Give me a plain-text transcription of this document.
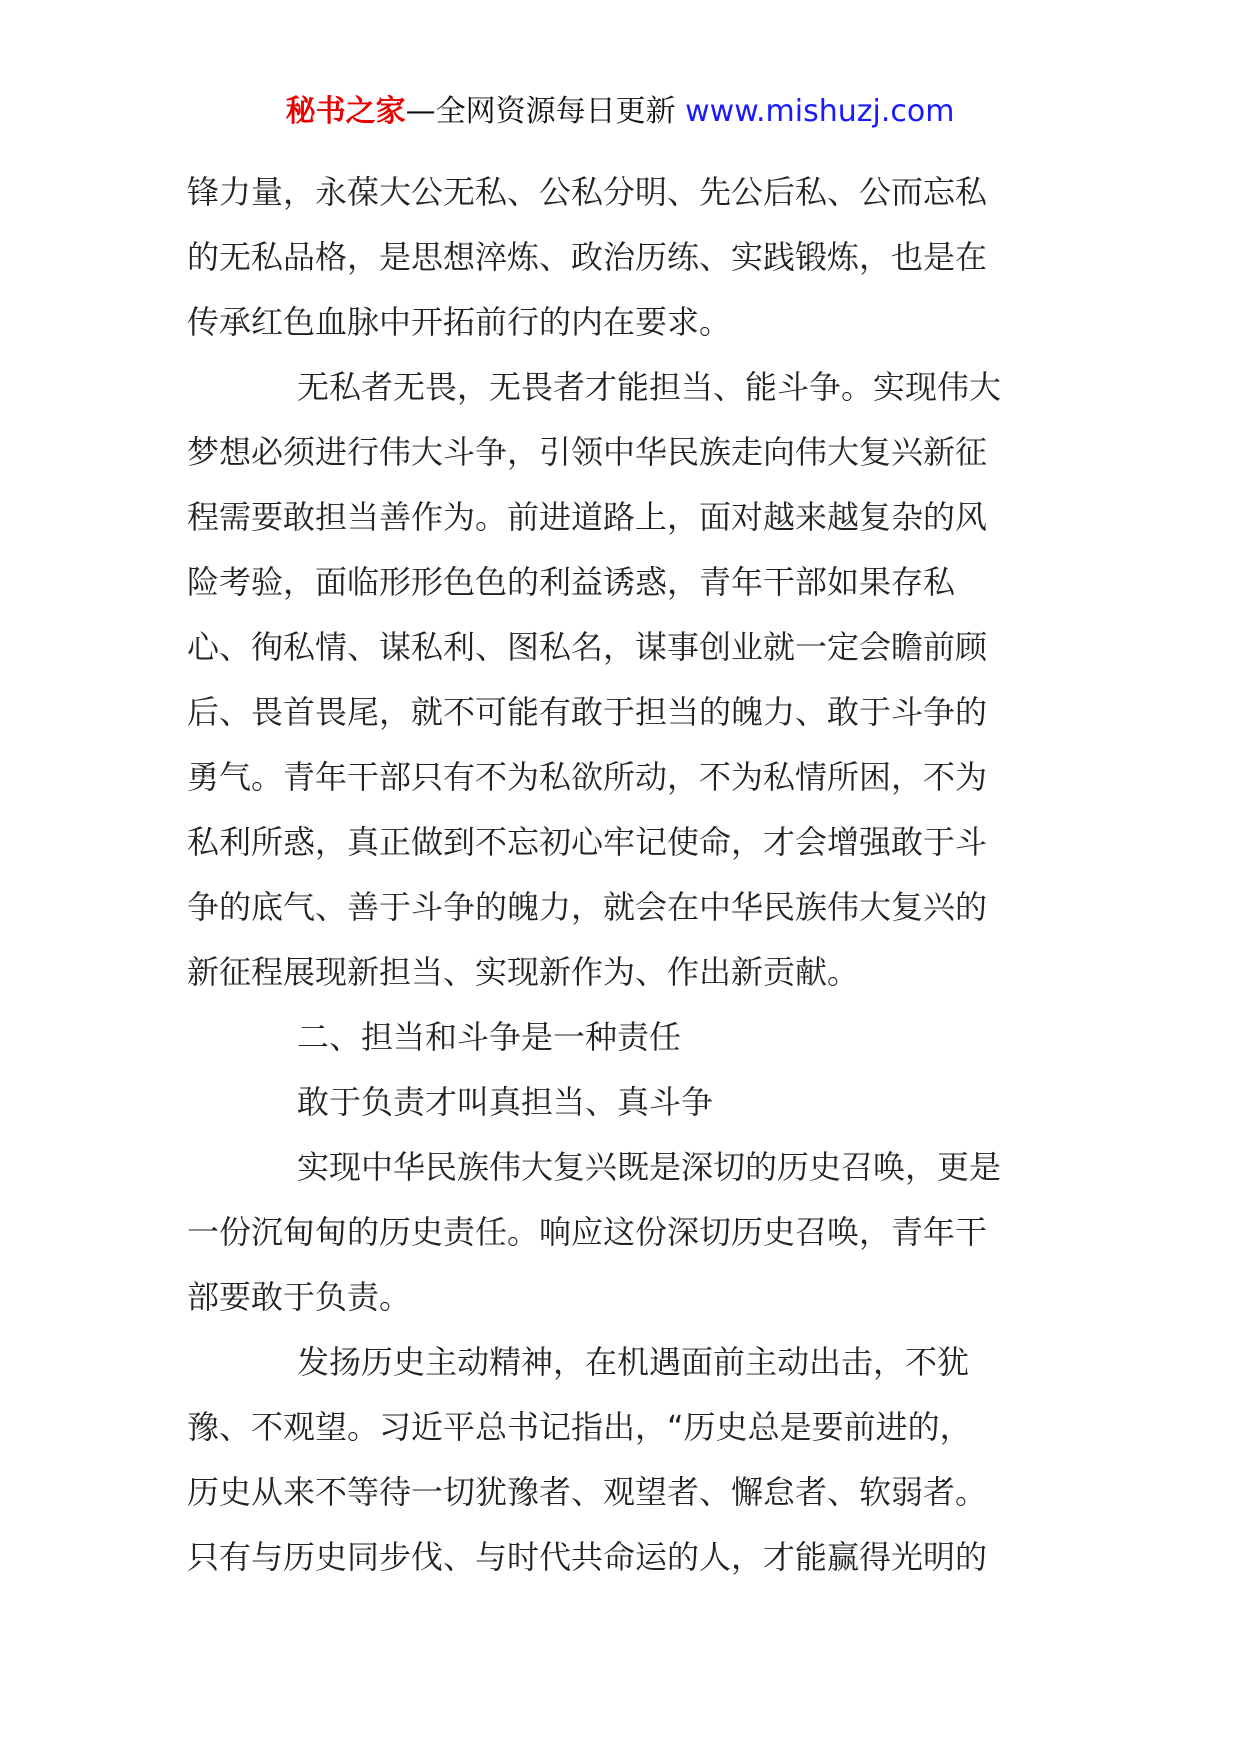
秘书之家—全网资源每日更新 www.mishuzj.com
锋力量，永葆大公无私、公私分明、先公后私、公而忘私
的无私品格，是思想淬炼、政治历练、实践锻炼，也是在
传承红色血脉中开拓前行的内在要求。
无私者无畏，无畏者才能担当、能斗争。实现伟大
梦想必须进行伟大斗争，引领中华民族走向伟大复兴新征
程需要敢担当善作为。前进道路上，面对越来越复杂的风
险考验，面临形形色色的利益诱惑，青年干部如果存私
心、徇私情、谋私利、图私名，谋事创业就一定会瞻前顾
后、畏首畏尾，就不可能有敢于担当的魄力、敢于斗争的
勇气。青年干部只有不为私欲所动，不为私情所困，不为
私利所惑，真正做到不忘初心牢记使命，才会增强敢于斗
争的底气、善于斗争的魄力，就会在中华民族伟大复兴的
新征程展现新担当、实现新作为、作出新贡献。
二、担当和斗争是一种责任
敢于负责才叫真担当、真斗争
实现中华民族伟大复兴既是深切的历史召唤，更是
一份沉甸甸的历史责任。响应这份深切历史召唤，青年干
部要敢于负责。
发扬历史主动精神，在机遇面前主动出击，不犹
豫、不观望。习近平总书记指出，“历史总是要前进的，
历史从来不等待一切犹豫者、观望者、懈怠者、软弱者。
只有与历史同步伐、与时代共命运的人，才能赢得光明的
